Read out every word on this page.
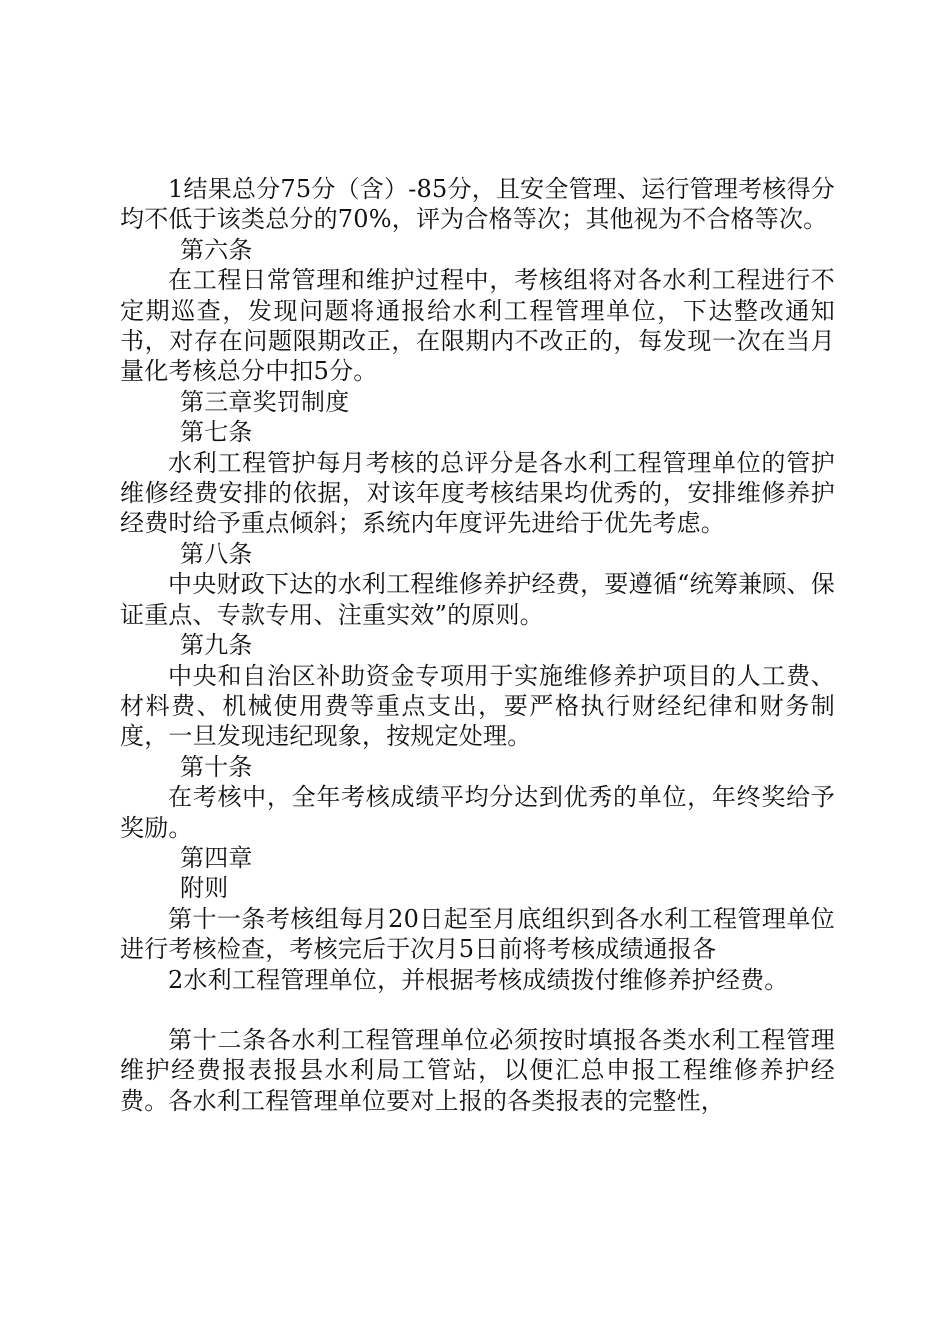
1结果总分75分（含）-85分，且安全管理、运行管理考核得分均不低于该类总分的70%，评为合格等次；其他视为不合格等次。

第六条

在工程日常管理和维护过程中，考核组将对各水利工程进行不定期巡查，发现问题将通报给水利工程管理单位，下达整改通知书，对存在问题限期改正，在限期内不改正的，每发现一次在当月量化考核总分中扣5分。

第三章奖罚制度

第七条

水利工程管护每月考核的总评分是各水利工程管理单位的管护维修经费安排的依据，对该年度考核结果均优秀的，安排维修养护经费时给予重点倾斜；系统内年度评先进给于优先考虑。

第八条

中央财政下达的水利工程维修养护经费，要遵循“统筹兼顾、保证重点、专款专用、注重实效”的原则。

第九条

中央和自治区补助资金专项用于实施维修养护项目的人工费、材料费、机械使用费等重点支出，要严格执行财经纪律和财务制度，一旦发现违纪现象，按规定处理。

第十条

在考核中，全年考核成绩平均分达到优秀的单位，年终奖给予奖励。

第四章

附则

第十一条考核组每月20日起至月底组织到各水利工程管理单位进行考核检查，考核完后于次月5日前将考核成绩通报各

2水利工程管理单位，并根据考核成绩拨付维修养护经费。

第十二条各水利工程管理单位必须按时填报各类水利工程管理维护经费报表报县水利局工管站，以便汇总申报工程维修养护经费。各水利工程管理单位要对上报的各类报表的完整性，
